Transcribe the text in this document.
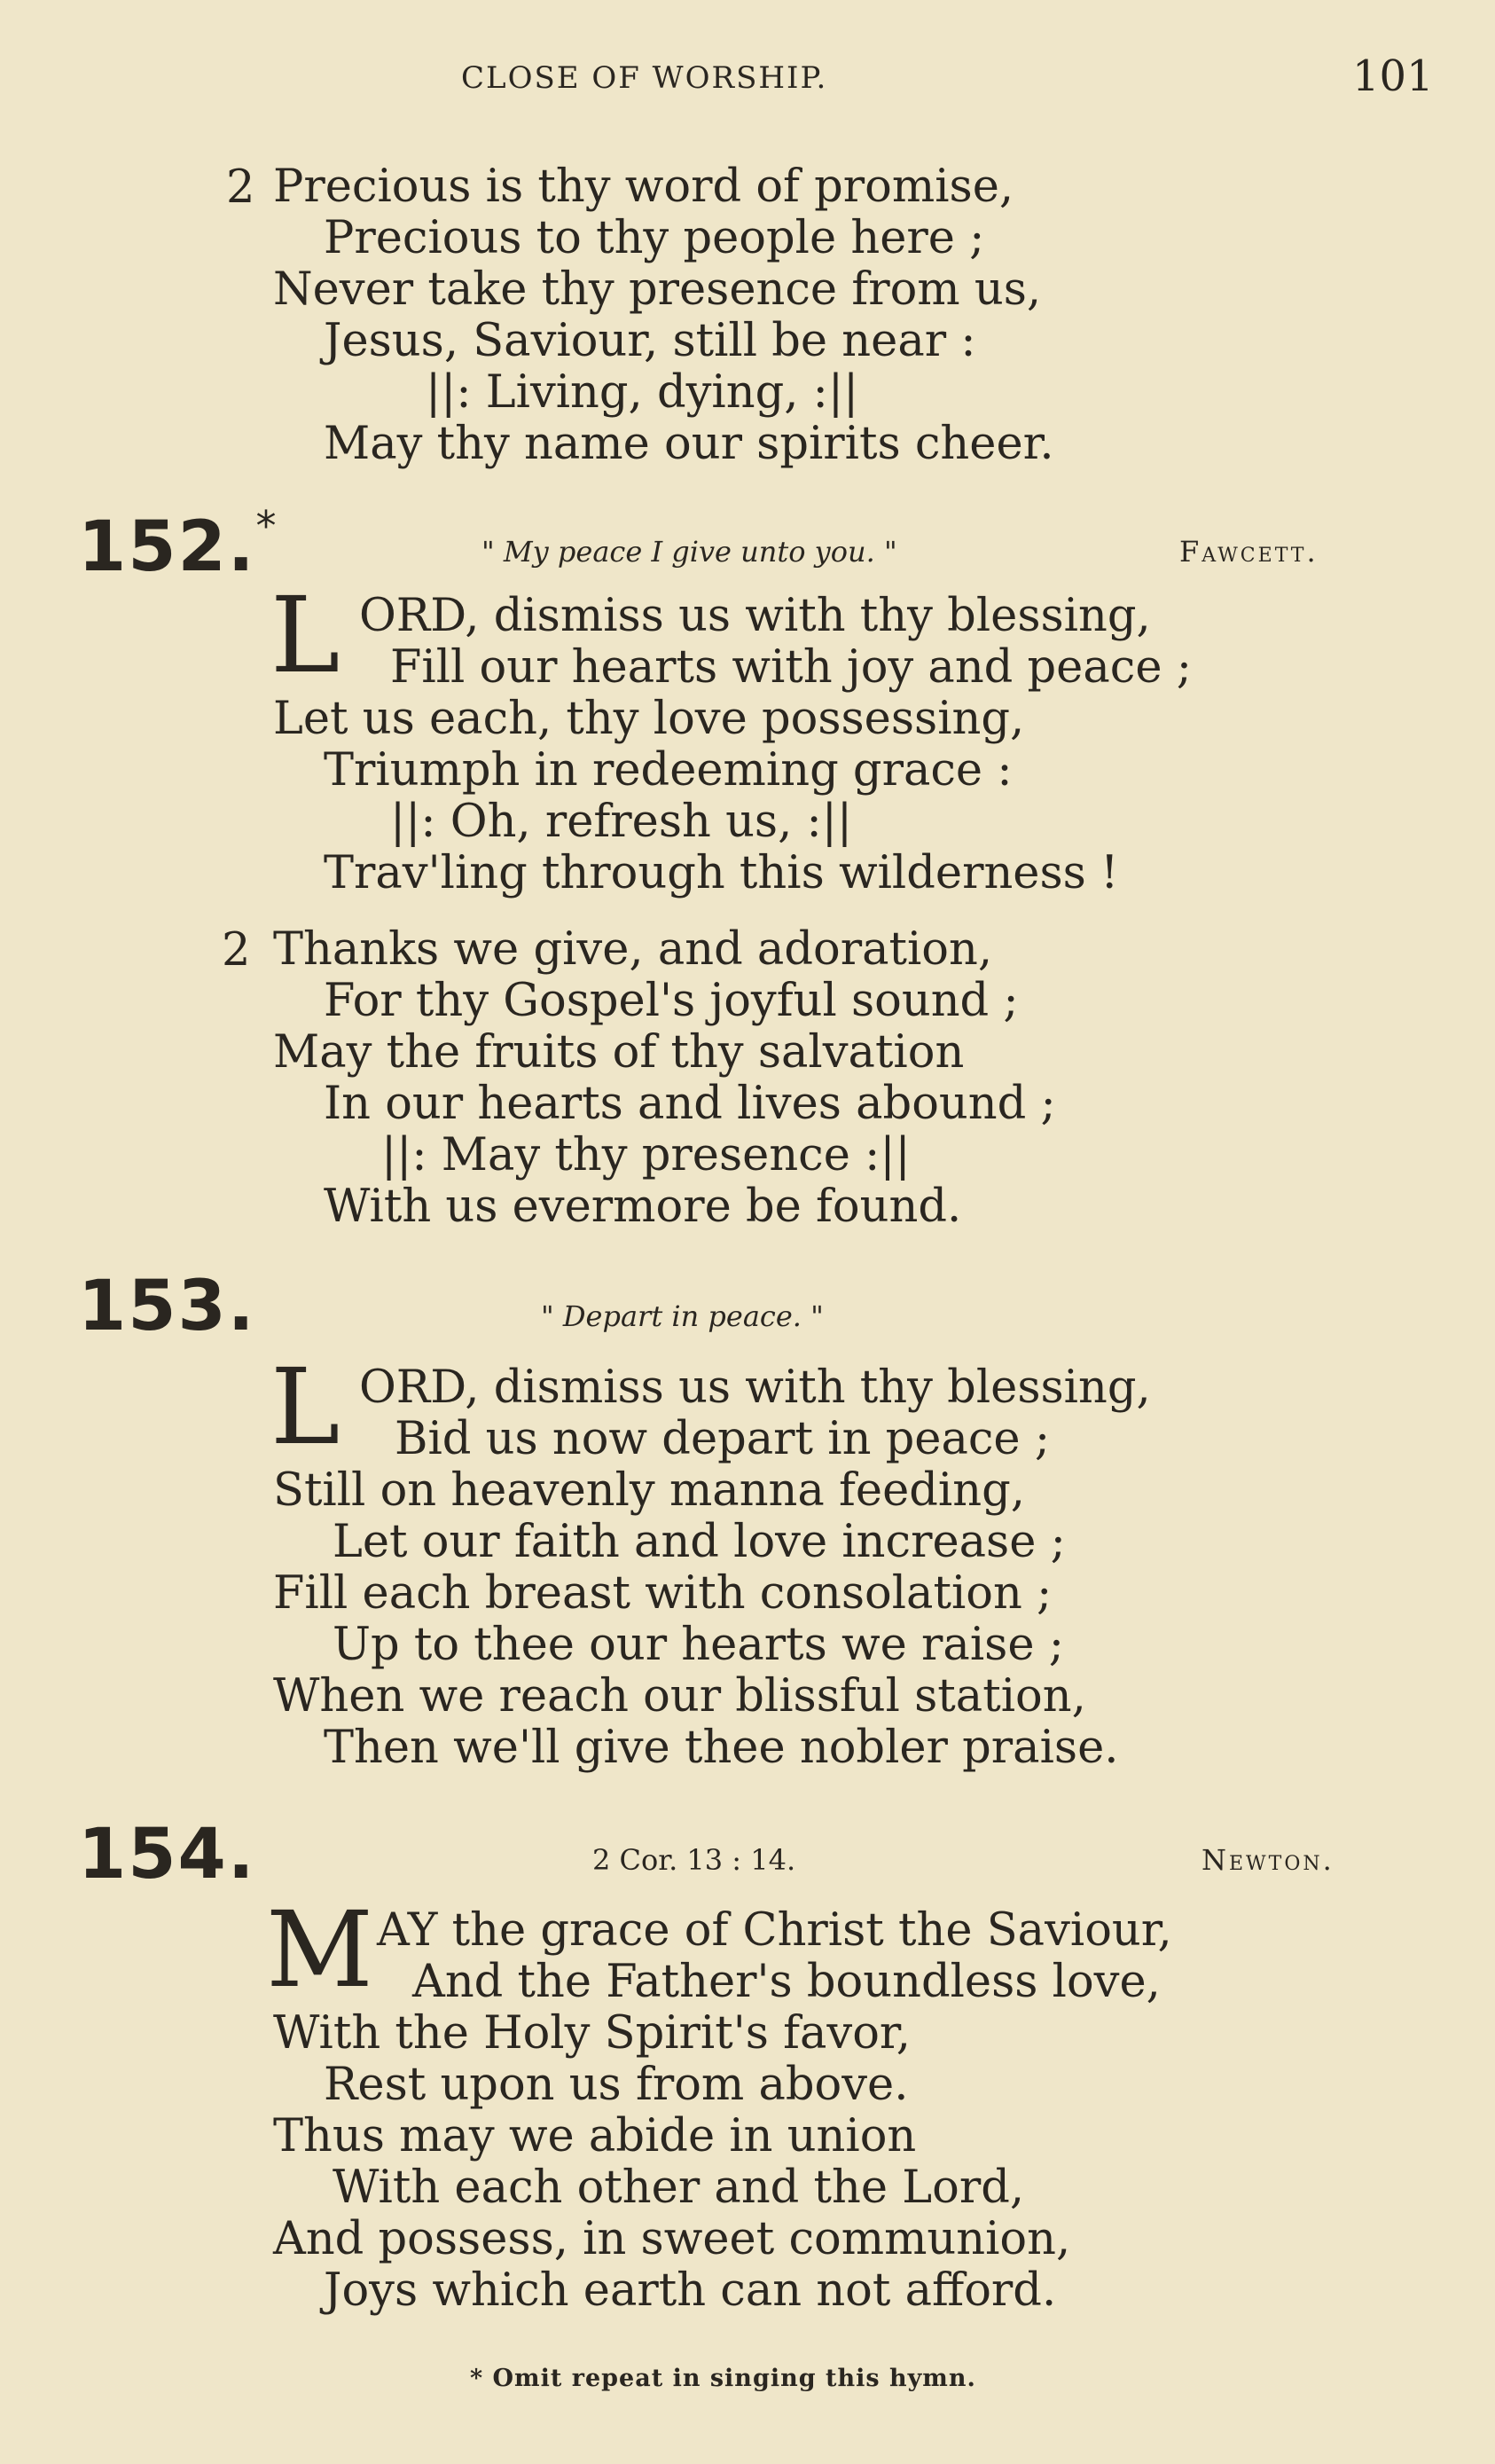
CLOSE OF WORSHIP.	101
2 Precious is thy word of promise,
Precious to thy people here ;
Never take thy presence from us,
Jesus, Saviour, still be near :
||: Living, dying, :||
May thy name our spirits cheer.
152.*
" My peace I give unto you. "	Fawcett.
L ORD, dismiss us with thy blessing,
Fill our hearts with joy and peace ;
Let us each, thy love possessing,
Triumph in redeeming grace :
||: Oh, refresh us, :||
Trav'ling through this wilderness !
2 Thanks we give, and adoration,
For thy Gospel's joyful sound ;
May the fruits of thy salvation
In our hearts and lives abound ;
||: May thy presence :||
With us evermore be found.
153.	" Depart in peace. "
L ORD, dismiss us with thy blessing,
Bid us now depart in peace ;
Still on heavenly manna feeding,
Let our faith and love increase ;
Fill each breast with consolation ;
Up to thee our hearts we raise ;
When we reach our blissful station,
Then we'll give thee nobler praise.
154.	2 Cor. 13 : 14.	Newton.
M AY the grace of Christ the Saviour,
And the Father's boundless love,
With the Holy Spirit's favor,
Rest upon us from above.
Thus may we abide in union
With each other and the Lord,
And possess, in sweet communion,
Joys which earth can not afford.
* Omit repeat in singing this hymn.
